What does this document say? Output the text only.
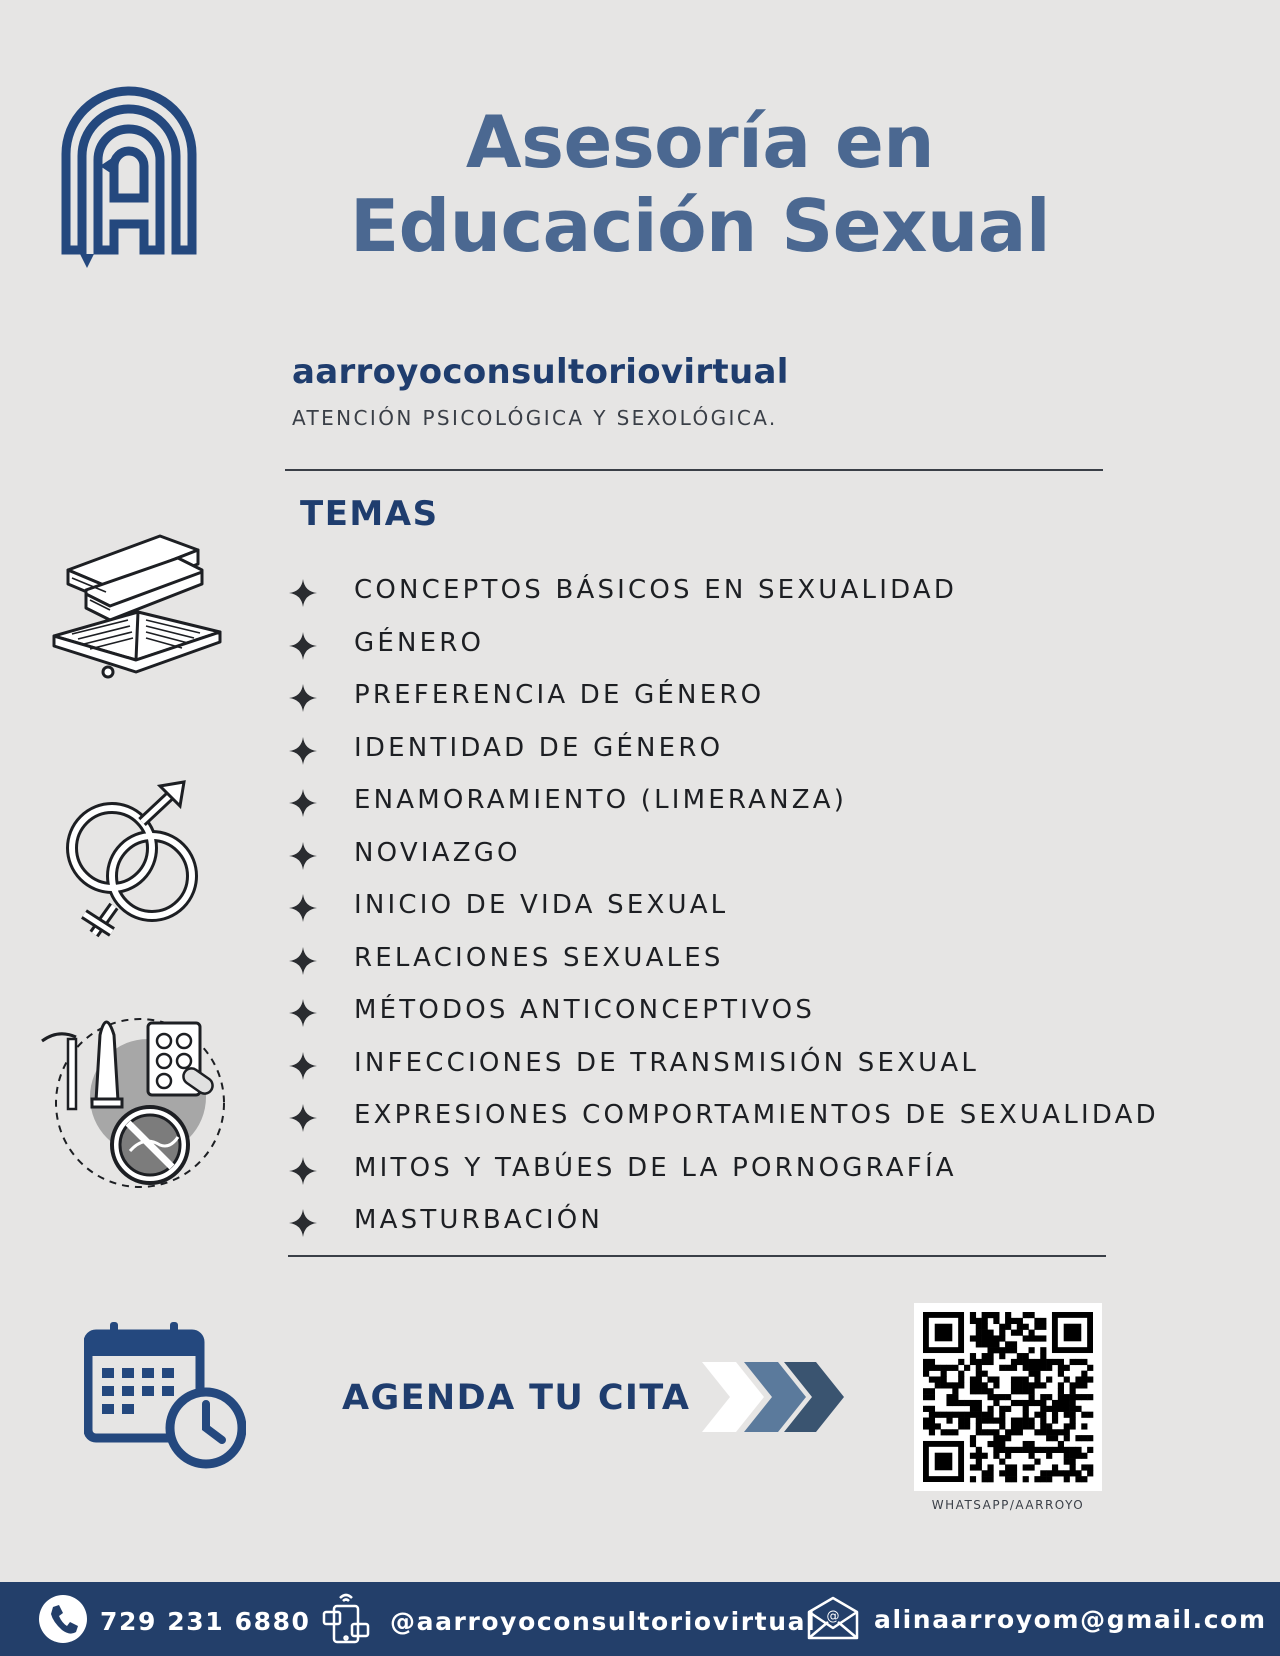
Asesoría en
Educación Sexual
aarroyoconsultoriovirtual
ATENCIÓN PSICOLÓGICA Y SEXOLÓGICA.
TEMAS
CONCEPTOS BÁSICOS EN SEXUALIDAD
GÉNERO
PREFERENCIA DE GÉNERO
IDENTIDAD DE GÉNERO
ENAMORAMIENTO (LIMERANZA)
NOVIAZGO
INICIO DE VIDA SEXUAL
RELACIONES SEXUALES
MÉTODOS ANTICONCEPTIVOS
INFECCIONES DE TRANSMISIÓN SEXUAL
EXPRESIONES COMPORTAMIENTOS DE SEXUALIDAD
MITOS Y TABÚES DE LA PORNOGRAFÍA
MASTURBACIÓN
AGENDA TU CITA
WHATSAPP/AARROYO
729 231 6880	@aarroyoconsultoriovirtual @ alinaarroyom@gmail.com
